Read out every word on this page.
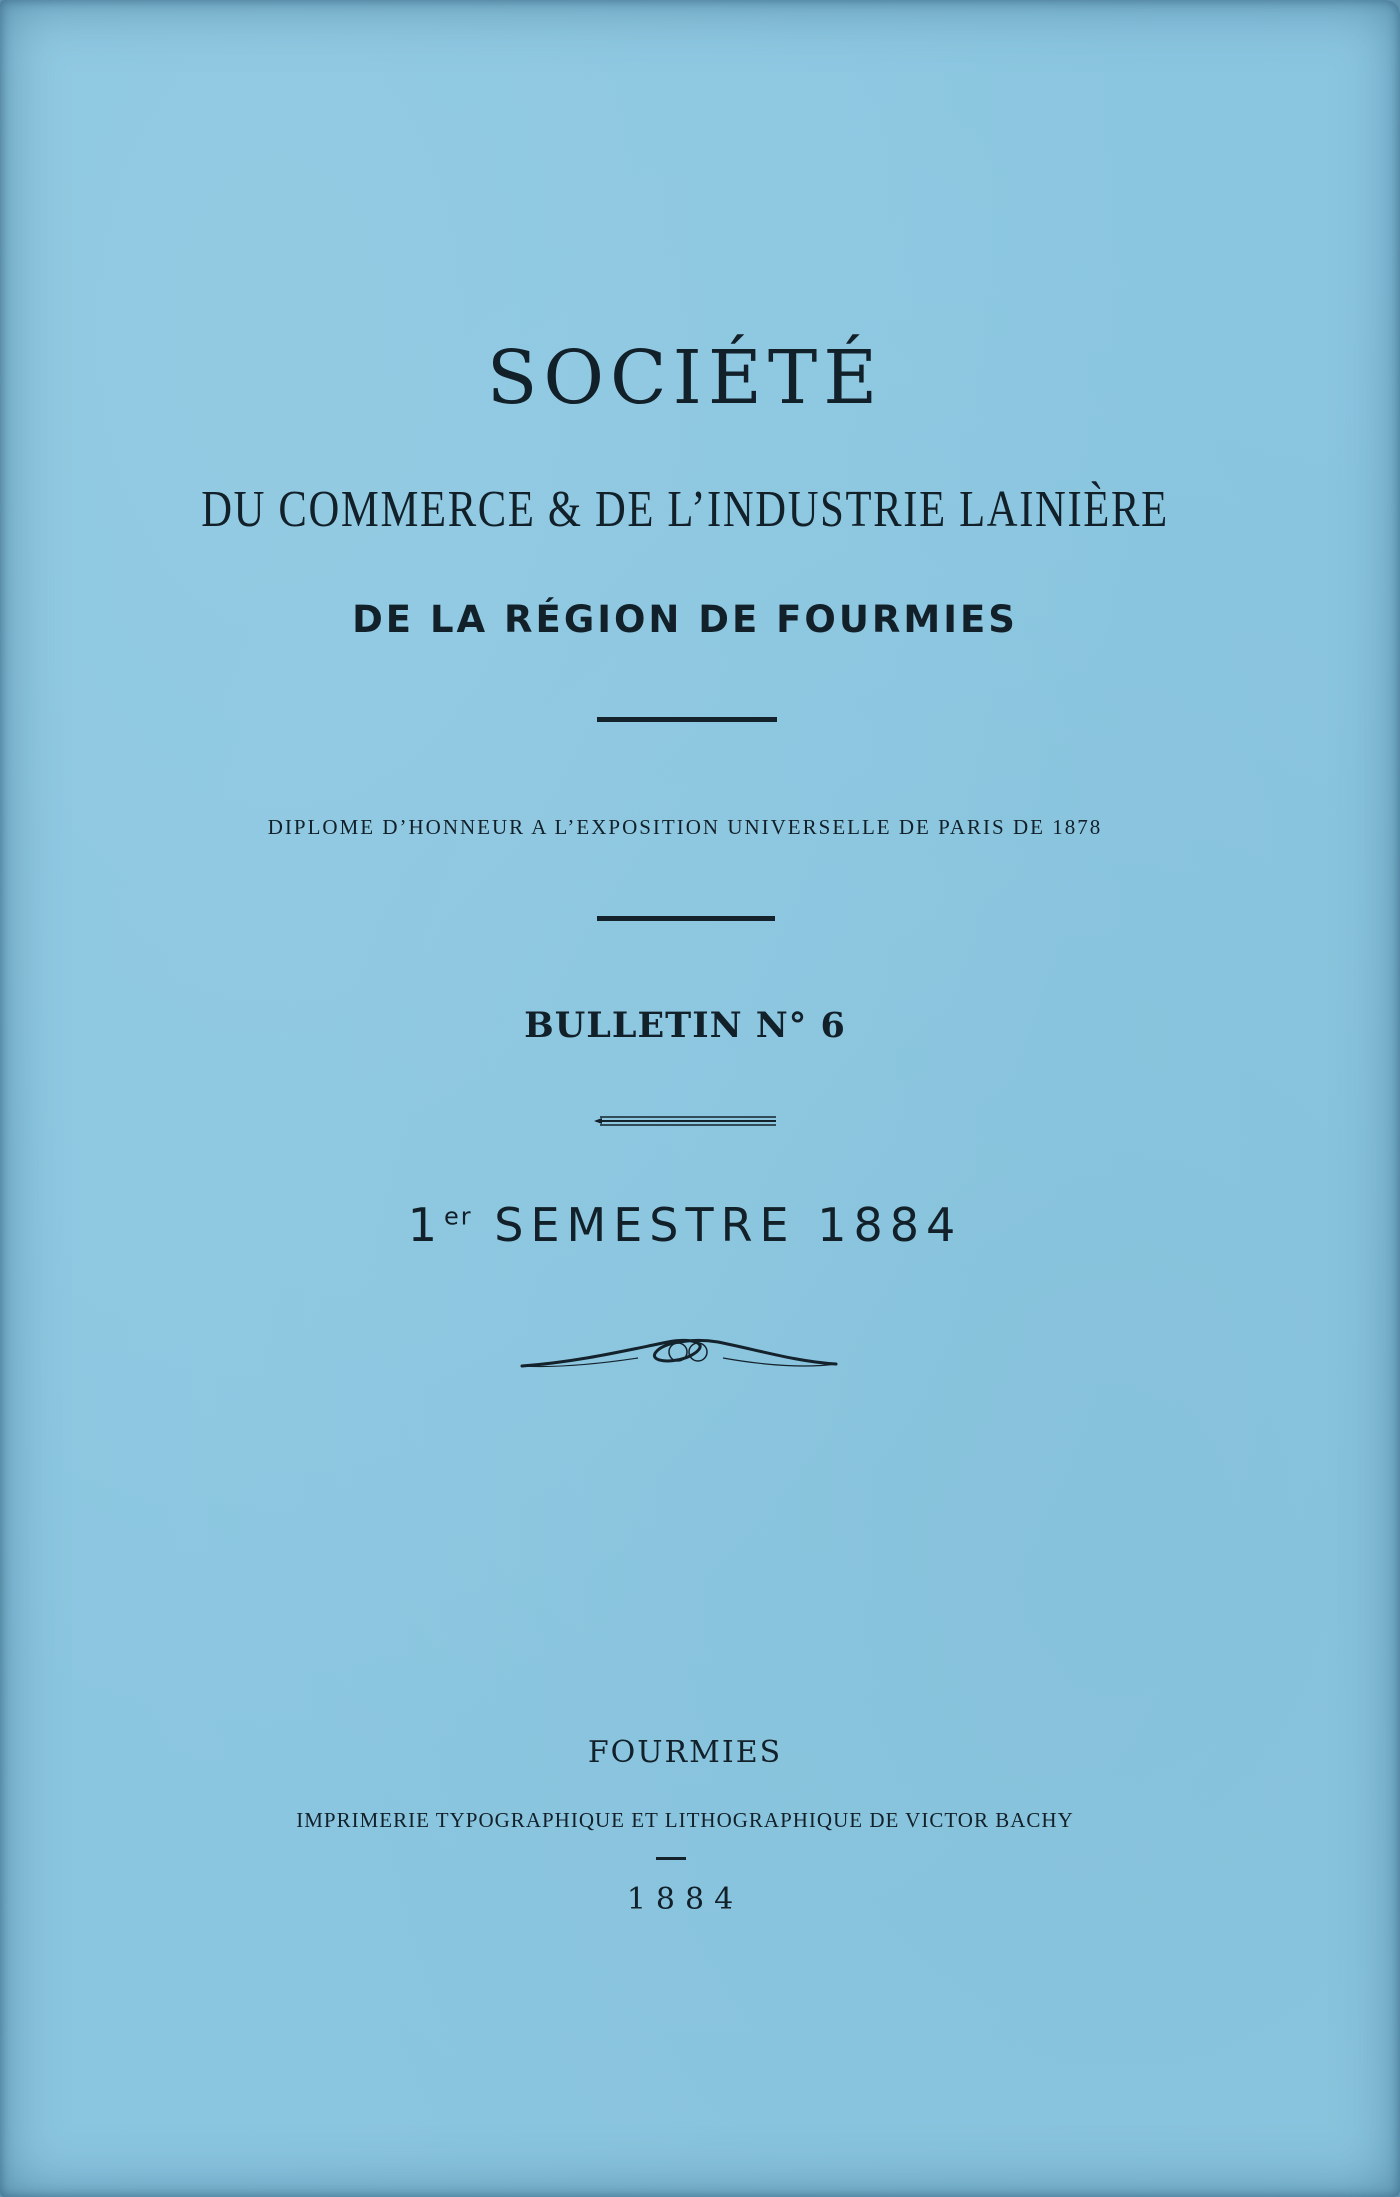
SOCIÉTÉ
DU COMMERCE & DE L’INDUSTRIE LAINIÈRE
DE LA RÉGION DE FOURMIES
DIPLOME D’HONNEUR A L’EXPOSITION UNIVERSELLE DE PARIS DE 1878
BULLETIN N° 6
1er SEMESTRE 1884
FOURMIES
IMPRIMERIE TYPOGRAPHIQUE ET LITHOGRAPHIQUE DE VICTOR BACHY
1884
